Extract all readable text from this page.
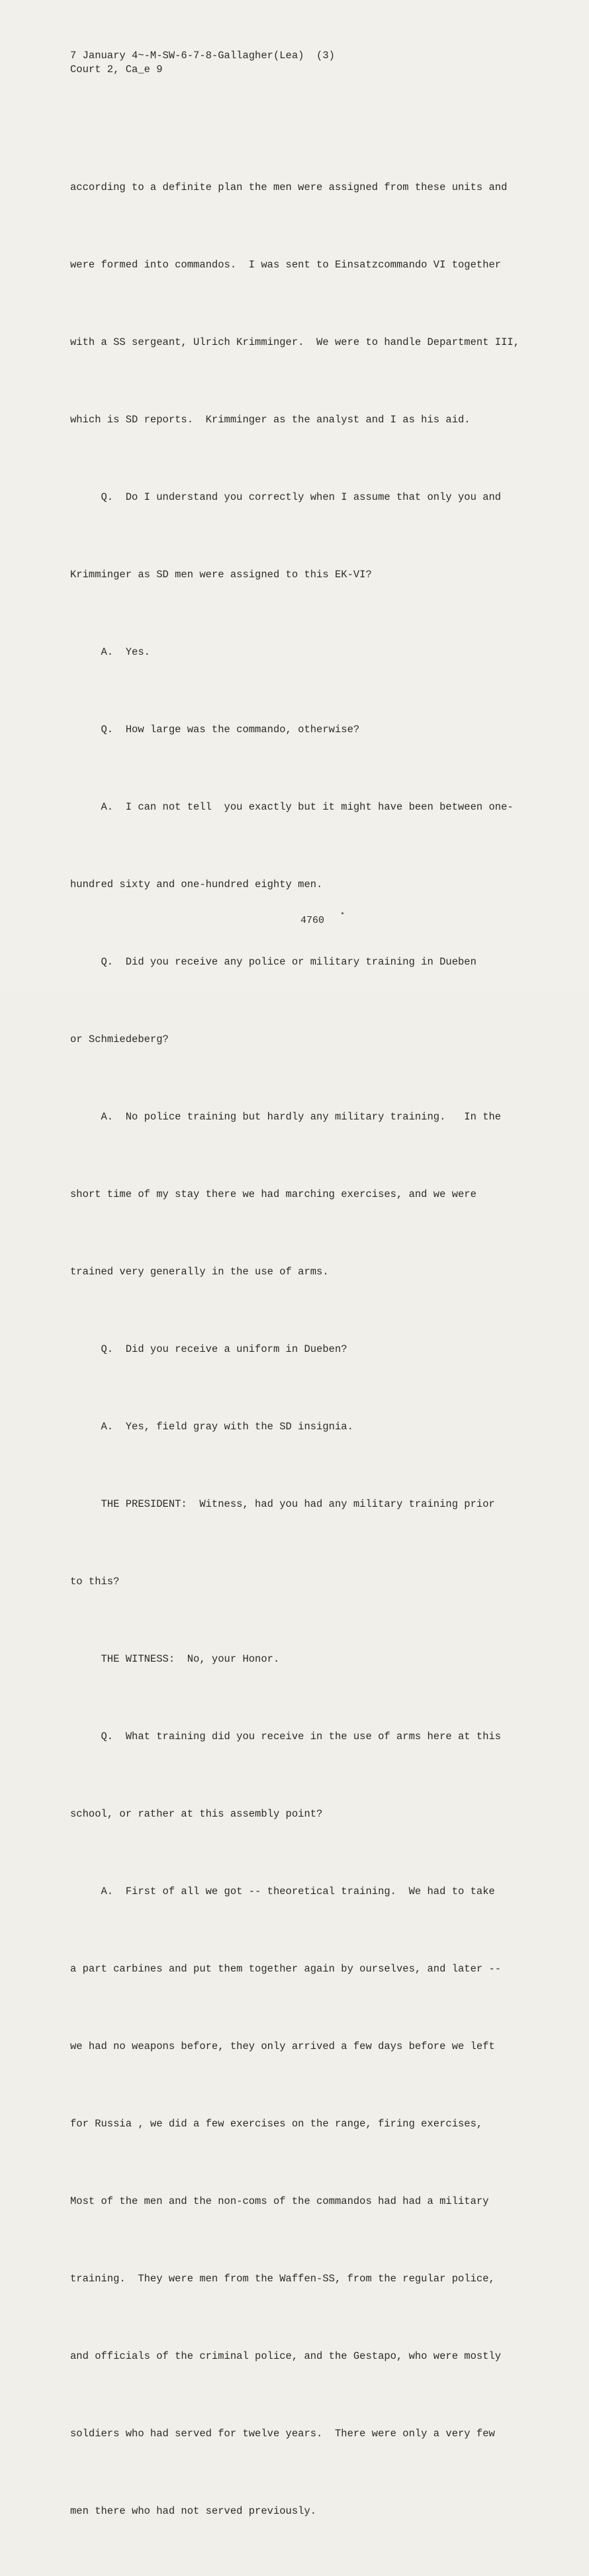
7 January 4~-M-SW-6-7-8-Gallagher(Lea)  (3)
Court 2, Ca_e 9

according to a definite plan the men were assigned from these units and

were formed into commandos.  I was sent to Einsatzcommando VI together

with a SS sergeant, Ulrich Krimminger.  We were to handle Department III,

which is SD reports.  Krimminger as the analyst and I as his aid.

Q.  Do I understand you correctly when I assume that only you and

Krimminger as SD men were assigned to this EK-VI?

A.  Yes.

Q.  How large was the commando, otherwise?

A.  I can not tell  you exactly but it might have been between one-

hundred sixty and one-hundred eighty men.

Q.  Did you receive any police or military training in Dueben

or Schmiedeberg?

A.  No police training but hardly any military training.   In the

short time of my stay there we had marching exercises, and we were

trained very generally in the use of arms.

Q.  Did you receive a uniform in Dueben?

A.  Yes, field gray with the SD insignia.

THE PRESIDENT:  Witness, had you had any military training prior

to this?

THE WITNESS:  No, your Honor.

Q.  What training did you receive in the use of arms here at this

school, or rather at this assembly point?

A.  First of all we got -- theoretical training.  We had to take

a part carbines and put them together again by ourselves, and later --

we had no weapons before, they only arrived a few days before we left

for Russia , we did a few exercises on the range, firing exercises,

Most of the men and the non-coms of the commandos had had a military

training.  They were men from the Waffen-SS, from the regular police,

and officials of the criminal police, and the Gestapo, who were mostly

soldiers who had served for twelve years.  There were only a very few

men there who had not served previously.

4760
